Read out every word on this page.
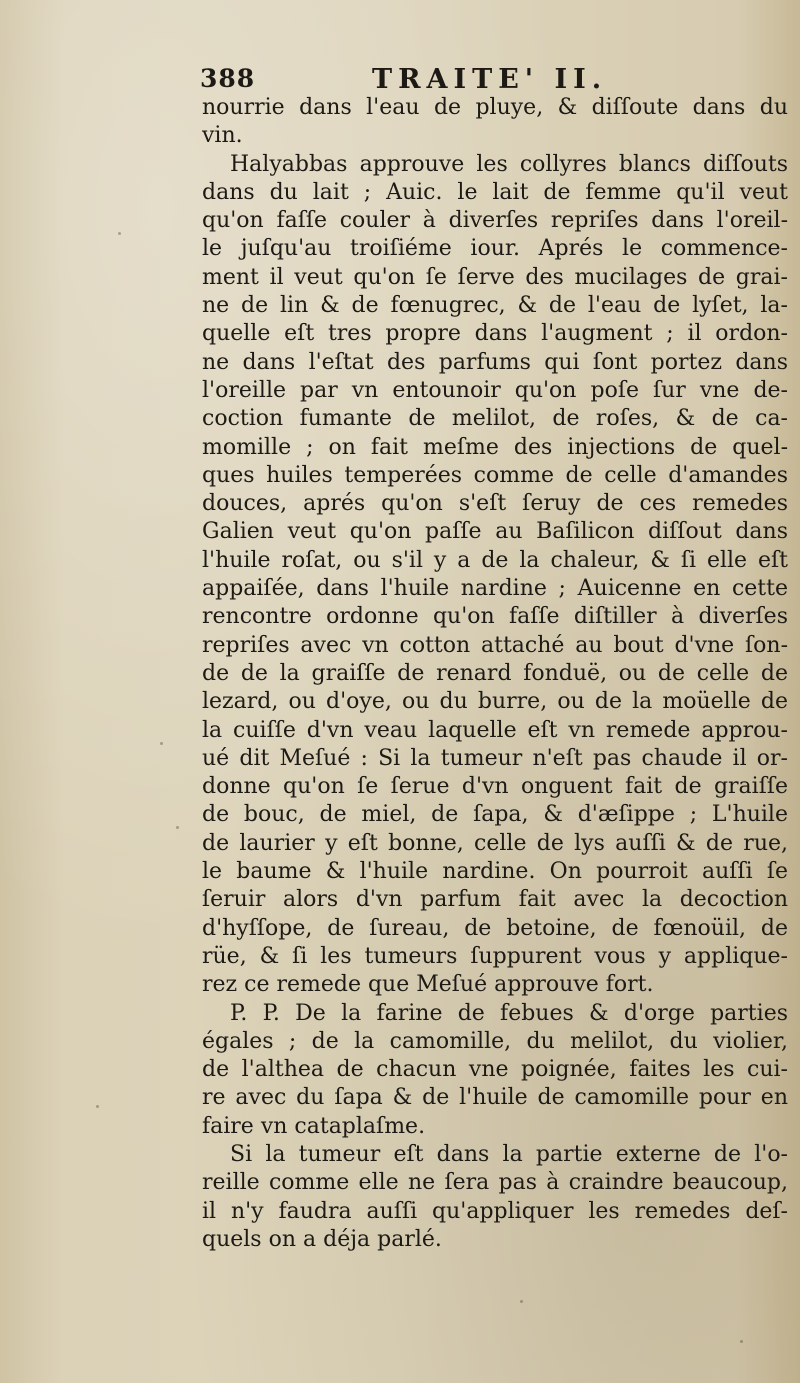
388	TRAITE' II.
nourrie dans l'eau de pluye, & diſſoute dans du
vin.
Halyabbas approuve les collyres blancs diſſouts
dans du lait ; Auic. le lait de femme qu'il veut
qu'on faſſe couler à diverſes repriſes dans l'oreil-
le juſqu'au troiſiéme iour. Aprés le commence-
ment il veut qu'on ſe ſerve des mucilages de grai-
ne de lin & de fœnugrec, & de l'eau de lyſet, la-
quelle eſt tres propre dans l'augment ; il ordon-
ne dans l'eſtat des parfums qui ſont portez dans
l'oreille par vn entounoir qu'on poſe ſur vne de-
coction fumante de melilot, de roſes, & de ca-
momille ; on fait meſme des injections de quel-
ques huiles temperées comme de celle d'amandes
douces, aprés qu'on s'eſt ſeruy de ces remedes
Galien veut qu'on paſſe au Baſilicon diſſout dans
l'huile roſat, ou s'il y a de la chaleur, & ſi elle eſt
appaiſée, dans l'huile nardine ; Auicenne en cette
rencontre ordonne qu'on faſſe diſtiller à diverſes
repriſes avec vn cotton attaché au bout d'vne ſon-
de de la graiſſe de renard fonduë, ou de celle de
lezard, ou d'oye, ou du burre, ou de la moüelle de
la cuiſſe d'vn veau laquelle eſt vn remede approu-
ué dit Meſué : Si la tumeur n'eſt pas chaude il or-
donne qu'on ſe ſerue d'vn onguent fait de graiſſe
de bouc, de miel, de ſapa, & d'æſippe ; L'huile
de laurier y eſt bonne, celle de lys auſſi & de rue,
le baume & l'huile nardine. On pourroit auſſi ſe
ſeruir alors d'vn parfum fait avec la decoction
d'hyſſope, de ſureau, de betoine, de fœnoüil, de
rüe, & ſi les tumeurs ſuppurent vous y applique-
rez ce remede que Meſué approuve fort.
P. P. De la farine de febues & d'orge parties
égales ; de la camomille, du melilot, du violier,
de l'althea de chacun vne poignée, faites les cui-
re avec du ſapa & de l'huile de camomille pour en
faire vn cataplaſme.
Si la tumeur eſt dans la partie externe de l'o-
reille comme elle ne ſera pas à craindre beaucoup,
il n'y faudra auſſi qu'appliquer les remedes deſ-
quels on a déja parlé.
